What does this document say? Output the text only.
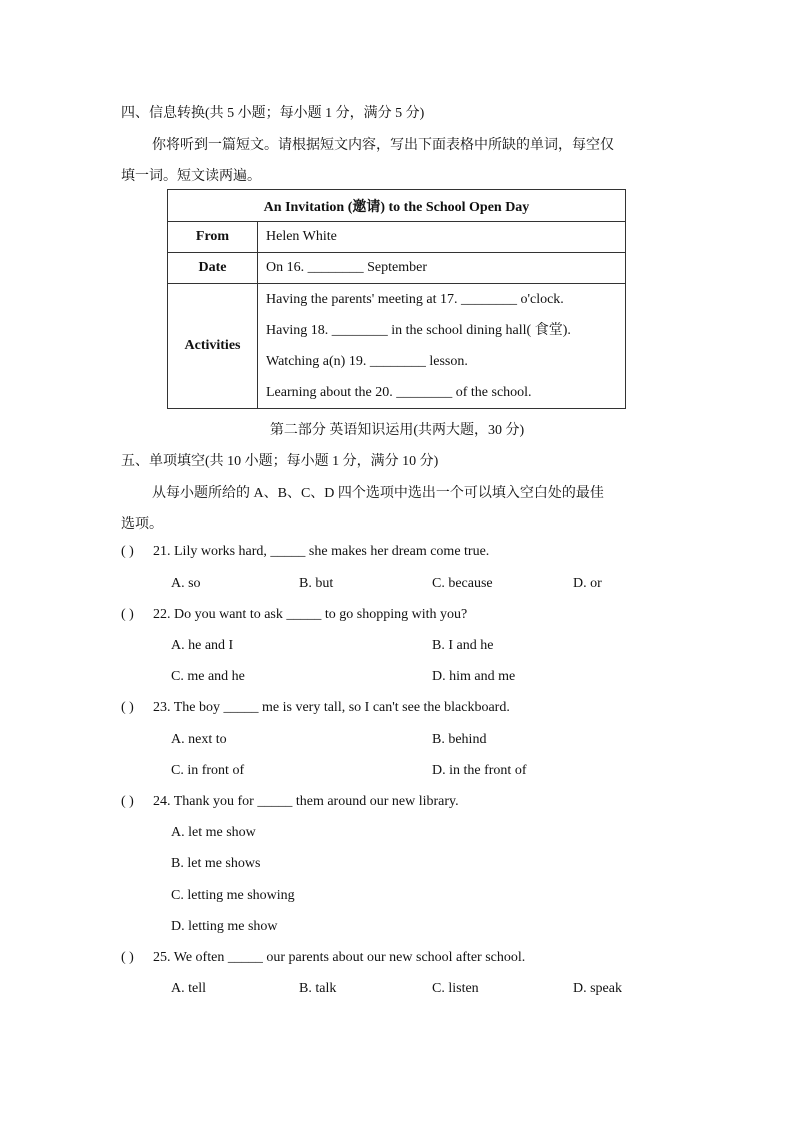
四、信息转换(共 5 小题；每小题 1 分，满分 5 分)
你将听到一篇短文。请根据短文内容，写出下面表格中所缺的单词，每空仅
填一词。短文读两遍。
An Invitation (邀请) to the School Open Day	
From	Helen White
Date	On 16. ________ September
Activities	Having the parents' meeting at 17. ________ o'clock.
Having 18. ________ in the school dining hall( 食堂).
Watching a(n) 19. ________ lesson.
Learning about the 20. ________ of the school.
第二部分 英语知识运用(共两大题，30 分)
五、单项填空(共 10 小题；每小题 1 分，满分 10 分)
从每小题所给的 A、B、C、D 四个选项中选出一个可以填入空白处的最佳
选项。
( ) 21. Lily works hard, _____ she makes her dream come true.
A. so	B. but	C. because	D. or
( ) 22. Do you want to ask _____ to go shopping with you?
A. he and I	B. I and he
C. me and he	D. him and me
( ) 23. The boy _____ me is very tall, so I can't see the blackboard.
A. next to	B. behind
C. in front of	D. in the front of
( ) 24. Thank you for _____ them around our new library.
A. let me show
B. let me shows
C. letting me showing
D. letting me show
( ) 25. We often _____ our parents about our new school after school.
A. tell	B. talk	C. listen	D. speak
